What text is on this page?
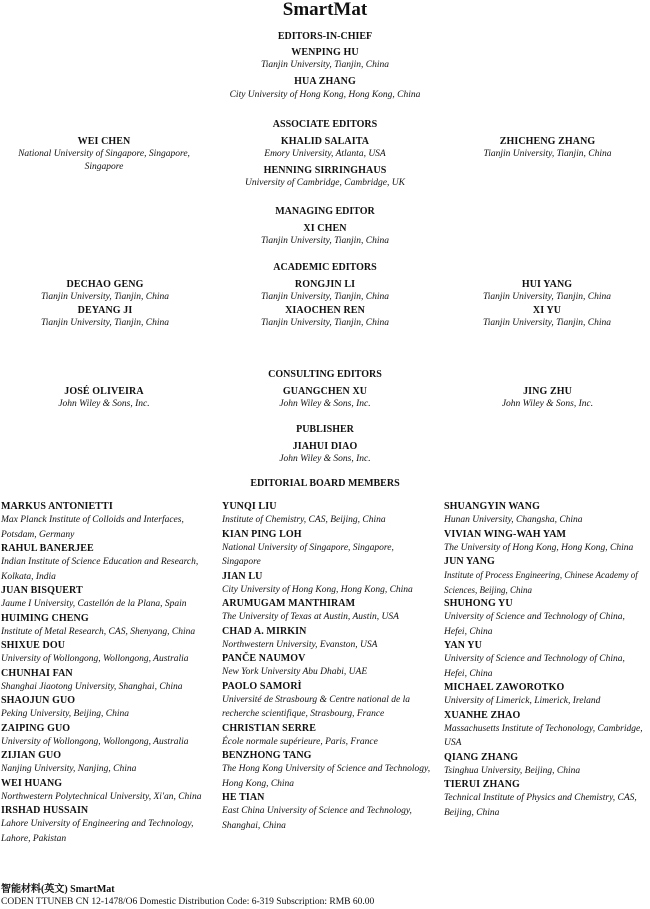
SmartMat
EDITORS-IN-CHIEF
WENPING HU
Tianjin University, Tianjin, China
HUA ZHANG
City University of Hong Kong, Hong Kong, China
ASSOCIATE EDITORS
WEI CHEN
National University of Singapore, Singapore, Singapore
KHALID SALAITA
Emory University, Atlanta, USA
HENNING SIRRINGHAUS
University of Cambridge, Cambridge, UK
ZHICHENG ZHANG
Tianjin University, Tianjin, China
MANAGING EDITOR
XI CHEN
Tianjin University, Tianjin, China
ACADEMIC EDITORS
DECHAO GENG
Tianjin University, Tianjin, China
DEYANG JI
Tianjin University, Tianjin, China
RONGJIN LI
Tianjin University, Tianjin, China
XIAOCHEN REN
Tianjin University, Tianjin, China
HUI YANG
Tianjin University, Tianjin, China
XI YU
Tianjin University, Tianjin, China
CONSULTING EDITORS
JOSÉ OLIVEIRA
John Wiley & Sons, Inc.
GUANGCHEN XU
John Wiley & Sons, Inc.
JING ZHU
John Wiley & Sons, Inc.
PUBLISHER
JIAHUI DIAO
John Wiley & Sons, Inc.
EDITORIAL BOARD MEMBERS
MARKUS ANTONIETTI
Max Planck Institute of Colloids and Interfaces, Potsdam, Germany
RAHUL BANERJEE
Indian Institute of Science Education and Research, Kolkata, India
JUAN BISQUERT
Jaume I University, Castellón de la Plana, Spain
HUIMING CHENG
Institute of Metal Research, CAS, Shenyang, China
SHIXUE DOU
University of Wollongong, Wollongong, Australia
CHUNHAI FAN
Shanghai Jiaotong University, Shanghai, China
SHAOJUN GUO
Peking University, Beijing, China
ZAIPING GUO
University of Wollongong, Wollongong, Australia
ZIJIAN GUO
Nanjing University, Nanjing, China
WEI HUANG
Northwestern Polytechnical University, Xi'an, China
IRSHAD HUSSAIN
Lahore University of Engineering and Technology, Lahore, Pakistan
YUNQI LIU
Institute of Chemistry, CAS, Beijing, China
KIAN PING LOH
National University of Singapore, Singapore, Singapore
JIAN LU
City University of Hong Kong, Hong Kong, China
ARUMUGAM MANTHIRAM
The University of Texas at Austin, Austin, USA
CHAD A. MIRKIN
Northwestern University, Evanston, USA
PANČE NAUMOV
New York University Abu Dhabi, UAE
PAOLO SAMORÌ
Université de Strasbourg & Centre national de la recherche scientifique, Strasbourg, France
CHRISTIAN SERRE
École normale supérieure, Paris, France
BENZHONG TANG
The Hong Kong University of Science and Technology, Hong Kong, China
HE TIAN
East China University of Science and Technology, Shanghai, China
SHUANGYIN WANG
Hunan University, Changsha, China
VIVIAN WING-WAH YAM
The University of Hong Kong, Hong Kong, China
JUN YANG
Institute of Process Engineering, Chinese Academy of Sciences, Beijing, China
SHUHONG YU
University of Science and Technology of China, Hefei, China
YAN YU
University of Science and Technology of China, Hefei, China
MICHAEL ZAWOROTKO
University of Limerick, Limerick, Ireland
XUANHE ZHAO
Massachusetts Institute of Techonology, Cambridge, USA
QIANG ZHANG
Tsinghua University, Beijing, China
TIERUI ZHANG
Technical Institute of Physics and Chemistry, CAS, Beijing, China
智能材料(英文) SmartMat
CODEN TTUNEB CN 12-1478/O6 Domestic Distribution Code: 6-319 Subscription: RMB 60.00
